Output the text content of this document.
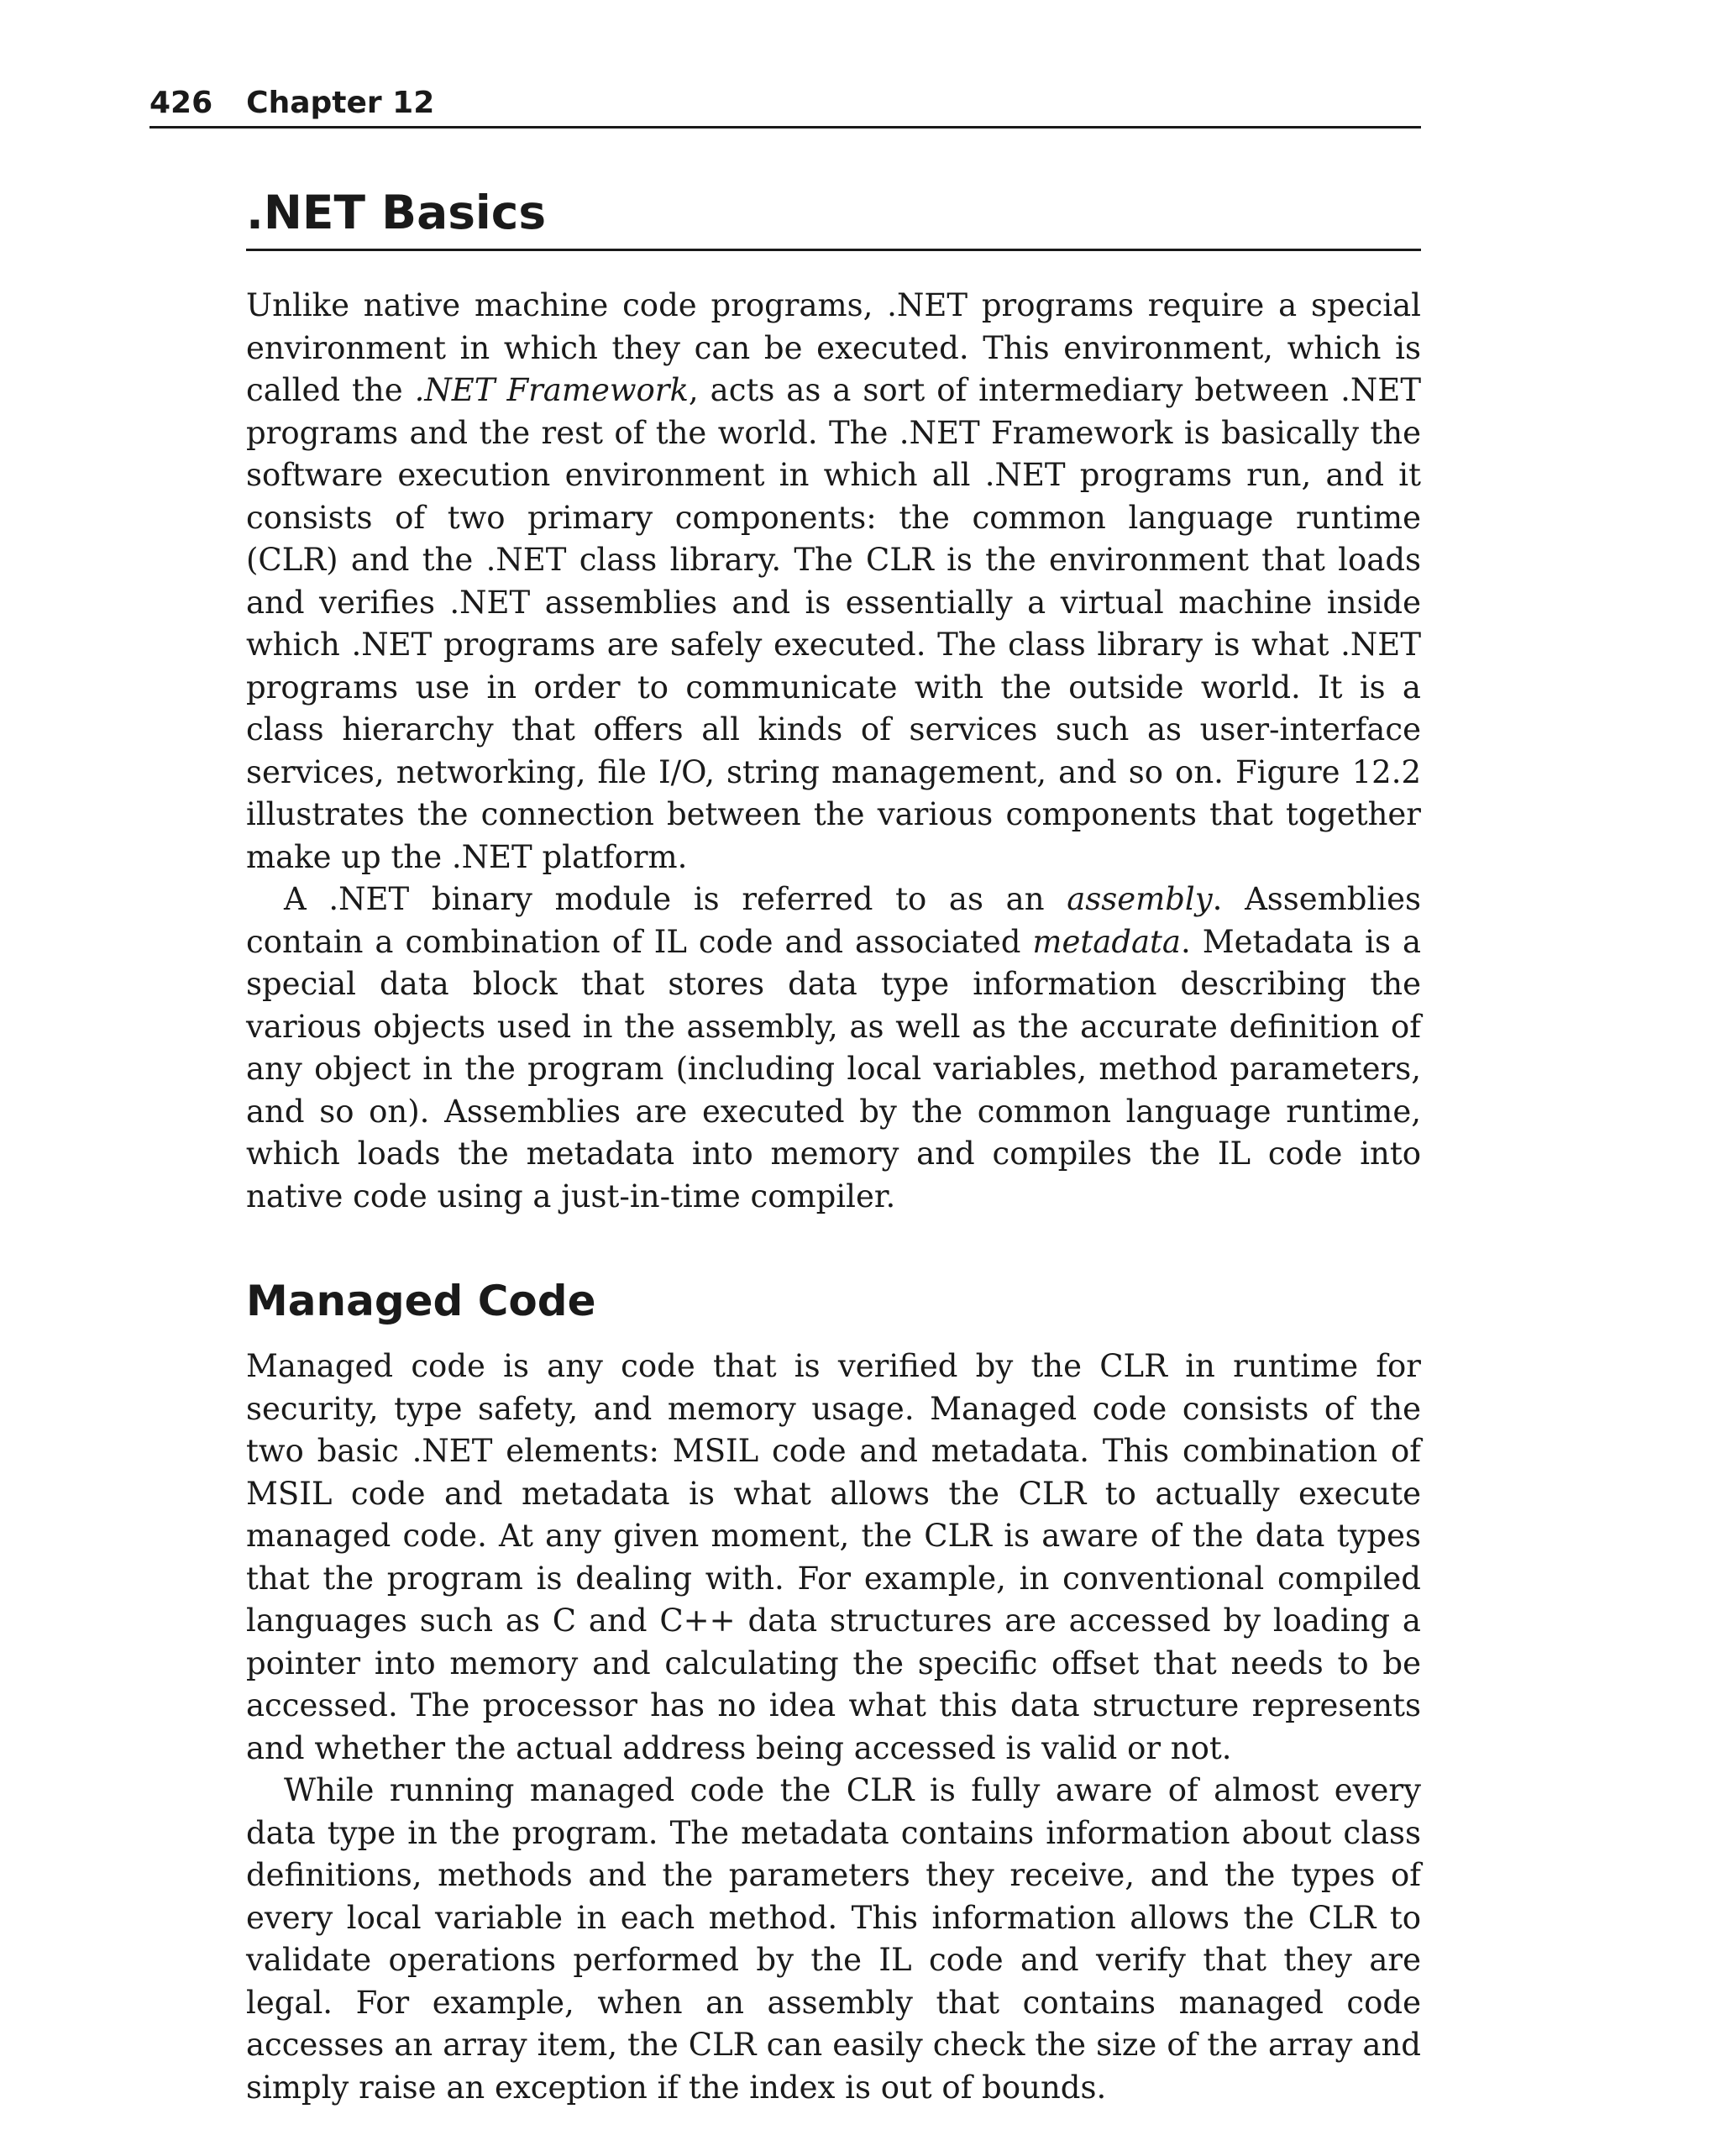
426 Chapter 12
.NET Basics

Unlike native machine code programs, .NET programs require a special environment in which they can be executed. This environment, which is called the .NET Framework, acts as a sort of intermediary between .NET programs and the rest of the world. The .NET Framework is basically the software execution environment in which all .NET programs run, and it consists of two primary components: the common language runtime (CLR) and the .NET class library. The CLR is the environment that loads and verifies .NET assemblies and is essentially a virtual machine inside which .NET programs are safely executed. The class library is what .NET programs use in order to communicate with the outside world. It is a class hierarchy that offers all kinds of services such as user-interface services, networking, file I/O, string management, and so on. Figure 12.2 illustrates the connection between the various components that together make up the .NET platform.

A .NET binary module is referred to as an assembly. Assemblies contain a combination of IL code and associated metadata. Metadata is a special data block that stores data type information describing the various objects used in the assembly, as well as the accurate definition of any object in the program (including local variables, method parameters, and so on). Assemblies are executed by the common language runtime, which loads the metadata into memory and compiles the IL code into native code using a just-in-time compiler.

Managed Code

Managed code is any code that is verified by the CLR in runtime for security, type safety, and memory usage. Managed code consists of the two basic .NET elements: MSIL code and metadata. This combination of MSIL code and metadata is what allows the CLR to actually execute managed code. At any given moment, the CLR is aware of the data types that the program is dealing with. For example, in conventional compiled languages such as C and C++ data structures are accessed by loading a pointer into memory and calculating the specific offset that needs to be accessed. The processor has no idea what this data structure represents and whether the actual address being accessed is valid or not.

While running managed code the CLR is fully aware of almost every data type in the program. The metadata contains information about class definitions, methods and the parameters they receive, and the types of every local variable in each method. This information allows the CLR to validate operations performed by the IL code and verify that they are legal. For example, when an assembly that contains managed code accesses an array item, the CLR can easily check the size of the array and simply raise an exception if the index is out of bounds.
